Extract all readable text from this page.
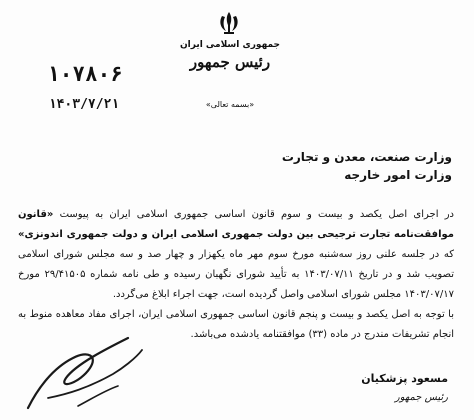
جمهوری اسلامی ایران
رئیس جمهور
«بسمه تعالی»
۱۰۷۸۰۶
۱۴۰۳/۷/۲۱
وزارت صنعت، معدن و تجارت
وزارت امور خارجه

در اجرای اصل یکصد و بیست و سوم قانون اساسی جمهوری اسلامی ایران به پیوست «قانون موافقت‌نامه تجارت ترجیحی بین دولت جمهوری اسلامی ایران و دولت جمهوری اندونزی» که در جلسه علنی روز سه‌شنبه مورخ سوم مهر ماه یکهزار و چهار صد و سه مجلس شورای اسلامی تصویب شد و در تاریخ ۱۴۰۳/۰۷/۱۱ به تأیید شورای نگهبان رسیده و طی نامه شماره ۲۹/۴۱۵۰۵ مورخ ۱۴۰۳/۰۷/۱۷ مجلس شورای اسلامی واصل گردیده است، جهت اجراء ابلاغ می‌گردد.

با توجه به اصل یکصد و بیست و پنجم قانون اساسی جمهوری اسلامی ایران، اجرای مفاد معاهده منوط به انجام تشریفات مندرج در ماده (۳۳) موافقتنامه یادشده می‌باشد.

مسعود پزشکیان
رئیس جمهور
